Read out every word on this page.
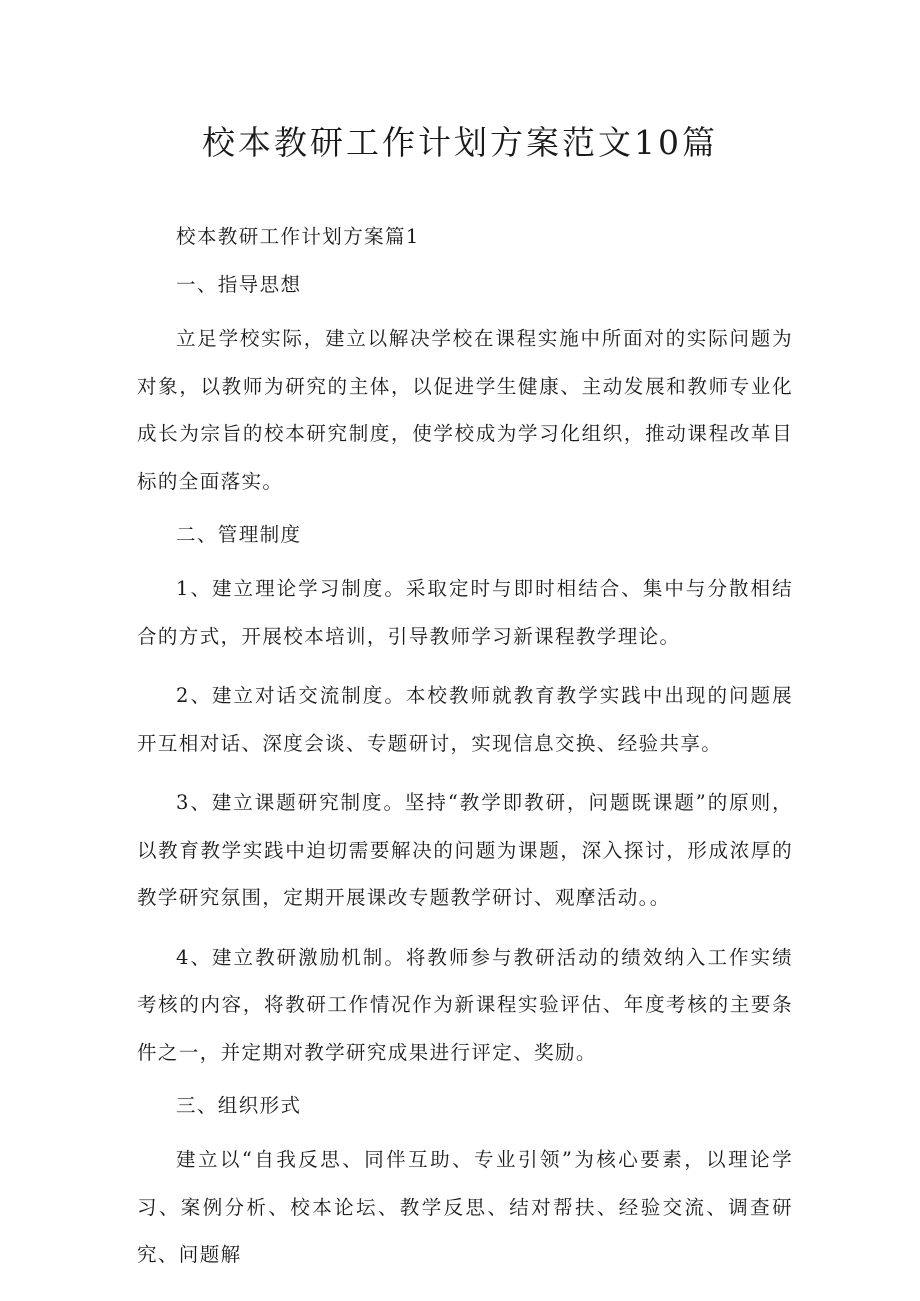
校本教研工作计划方案范文10篇

校本教研工作计划方案篇1

一、指导思想

立足学校实际，建立以解决学校在课程实施中所面对的实际问题为对象，以教师为研究的主体，以促进学生健康、主动发展和教师专业化成长为宗旨的校本研究制度，使学校成为学习化组织，推动课程改革目标的全面落实。

二、管理制度

1、建立理论学习制度。采取定时与即时相结合、集中与分散相结合的方式，开展校本培训，引导教师学习新课程教学理论。

2、建立对话交流制度。本校教师就教育教学实践中出现的问题展开互相对话、深度会谈、专题研讨，实现信息交换、经验共享。

3、建立课题研究制度。坚持“教学即教研，问题既课题”的原则，以教育教学实践中迫切需要解决的问题为课题，深入探讨，形成浓厚的教学研究氛围，定期开展课改专题教学研讨、观摩活动。。

4、建立教研激励机制。将教师参与教研活动的绩效纳入工作实绩考核的内容，将教研工作情况作为新课程实验评估、年度考核的主要条件之一，并定期对教学研究成果进行评定、奖励。

三、组织形式

建立以“自我反思、同伴互助、专业引领”为核心要素，以理论学习、案例分析、校本论坛、教学反思、结对帮扶、经验交流、调查研究、问题解
